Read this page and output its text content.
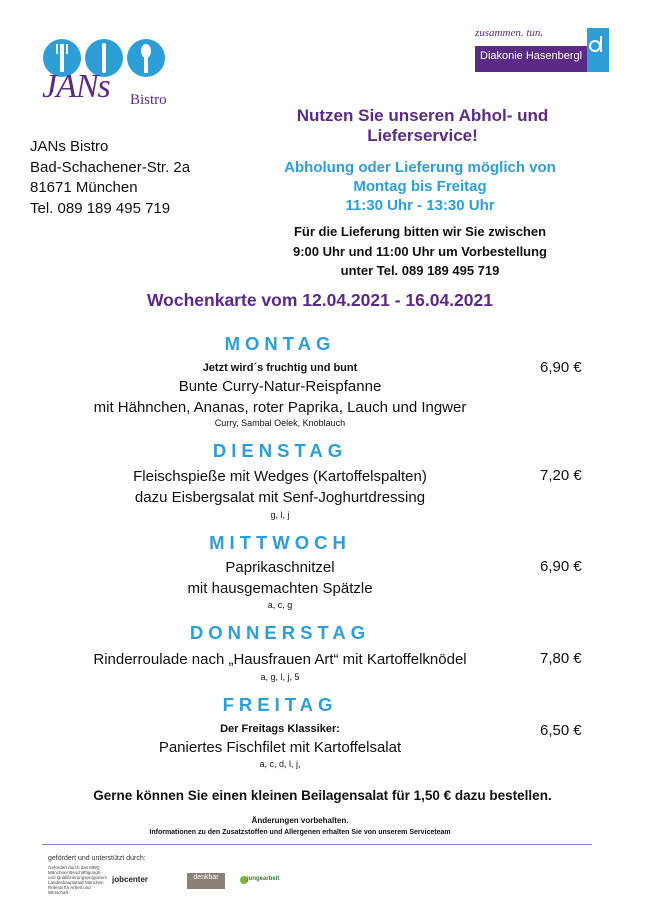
JANs Bistro
zusammen. tun.
Diakonie Hasenbergl
JANs Bistro
Bad-Schachener-Str. 2a
81671 München
Tel. 089 189 495 719
Nutzen Sie unseren Abhol- und
Lieferservice!
Abholung oder Lieferung möglich von
Montag bis Freitag
11:30 Uhr - 13:30 Uhr
Für die Lieferung bitten wir Sie zwischen
9:00 Uhr und 11:00 Uhr um Vorbestellung
unter Tel. 089 189 495 719
Wochenkarte vom 12.04.2021 - 16.04.2021
MONTAG
Jetzt wird´s fruchtig und bunt
Bunte Curry-Natur-Reispfanne
mit Hähnchen, Ananas, roter Paprika, Lauch und Ingwer
Curry, Sambal Oelek, Knoblauch
6,90 €
DIENSTAG
Fleischspieße mit Wedges (Kartoffelspalten)
dazu Eisbergsalat mit Senf-Joghurtdressing
g, l, j
7,20 €
MITTWOCH
Paprikaschnitzel
mit hausgemachten Spätzle
a, c, g
6,90 €
DONNERSTAG
Rinderroulade nach „Hausfrauen Art“ mit Kartoffelknödel
a, g, l, j, 5
7,80 €
FREITAG
Der Freitags Klassiker:
Paniertes Fischfilet mit Kartoffelsalat
a, c, d, l, j,
6,50 €
Gerne können Sie einen kleinen Beilagensalat für 1,50 € dazu bestellen.
Änderungen vorbehalten.
Informationen zu den Zusatzstoffen und Allergenen erhalten Sie von unserem Serviceteam
gefördert und unterstützt durch:
Gefördert durch das MBQ Münchner Beschäftigungs- und Qualifizierungsprogramm Landeshauptstadt München Referat für Arbeit und Wirtschaft
jobcenter	denkbar	jungearbeit
